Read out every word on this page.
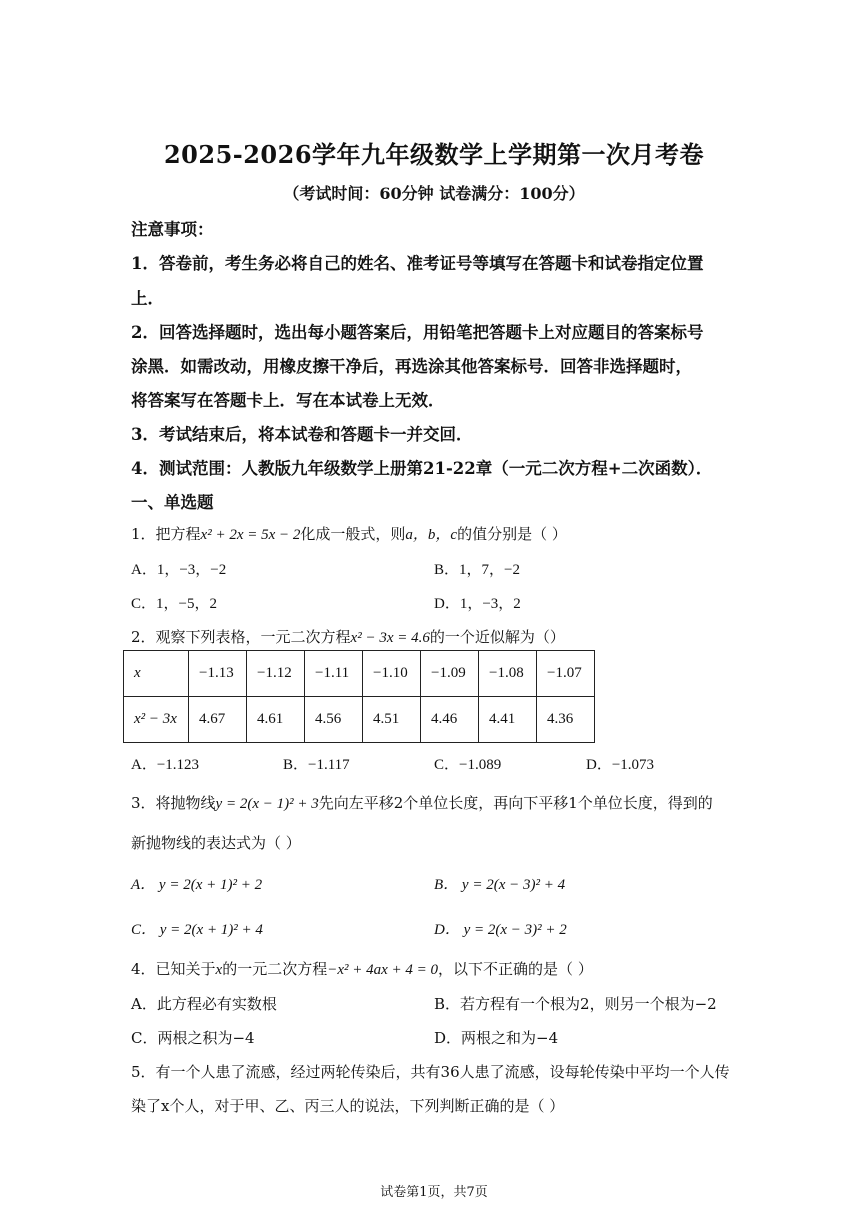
2025-2026学年九年级数学上学期第一次月考卷
（考试时间：60分钟 试卷满分：100分）
注意事项：
1．答卷前，考生务必将自己的姓名、准考证号等填写在答题卡和试卷指定位置
上．
2．回答选择题时，选出每小题答案后，用铅笔把答题卡上对应题目的答案标号
涂黑．如需改动，用橡皮擦干净后，再选涂其他答案标号．回答非选择题时，
将答案写在答题卡上．写在本试卷上无效．
3．考试结束后，将本试卷和答题卡一并交回．
4．测试范围：人教版九年级数学上册第21-22章（一元二次方程+二次函数）．
一、单选题
1．把方程x² + 2x = 5x − 2化成一般式，则a，b，c的值分别是（ ）
A．1，−3，−2	B．1，7，−2
C．1，−5，2	D．1，−3，2
2．观察下列表格，一元二次方程x² − 3x = 4.6的一个近似解为（）
x	−1.13	−1.12	−1.11	−1.10	−1.09	−1.08	−1.07
x² − 3x	4.67	4.61	4.56	4.51	4.46	4.41	4.36
A．−1.123	B．−1.117	C．−1.089	D．−1.073
3．将抛物线y = 2(x − 1)² + 3先向左平移2个单位长度，再向下平移1个单位长度，得到的
新抛物线的表达式为（ ）
A． y = 2(x + 1)² + 2	B． y = 2(x − 3)² + 4
C． y = 2(x + 1)² + 4	D． y = 2(x − 3)² + 2
4．已知关于x的一元二次方程−x² + 4ax + 4 = 0，以下不正确的是（ ）
A．此方程必有实数根	B．若方程有一个根为2，则另一个根为−2
C．两根之积为−4	D．两根之和为−4
5．有一个人患了流感，经过两轮传染后，共有36人患了流感，设每轮传染中平均一个人传
染了x个人，对于甲、乙、丙三人的说法，下列判断正确的是（ ）
试卷第1页，共7页
